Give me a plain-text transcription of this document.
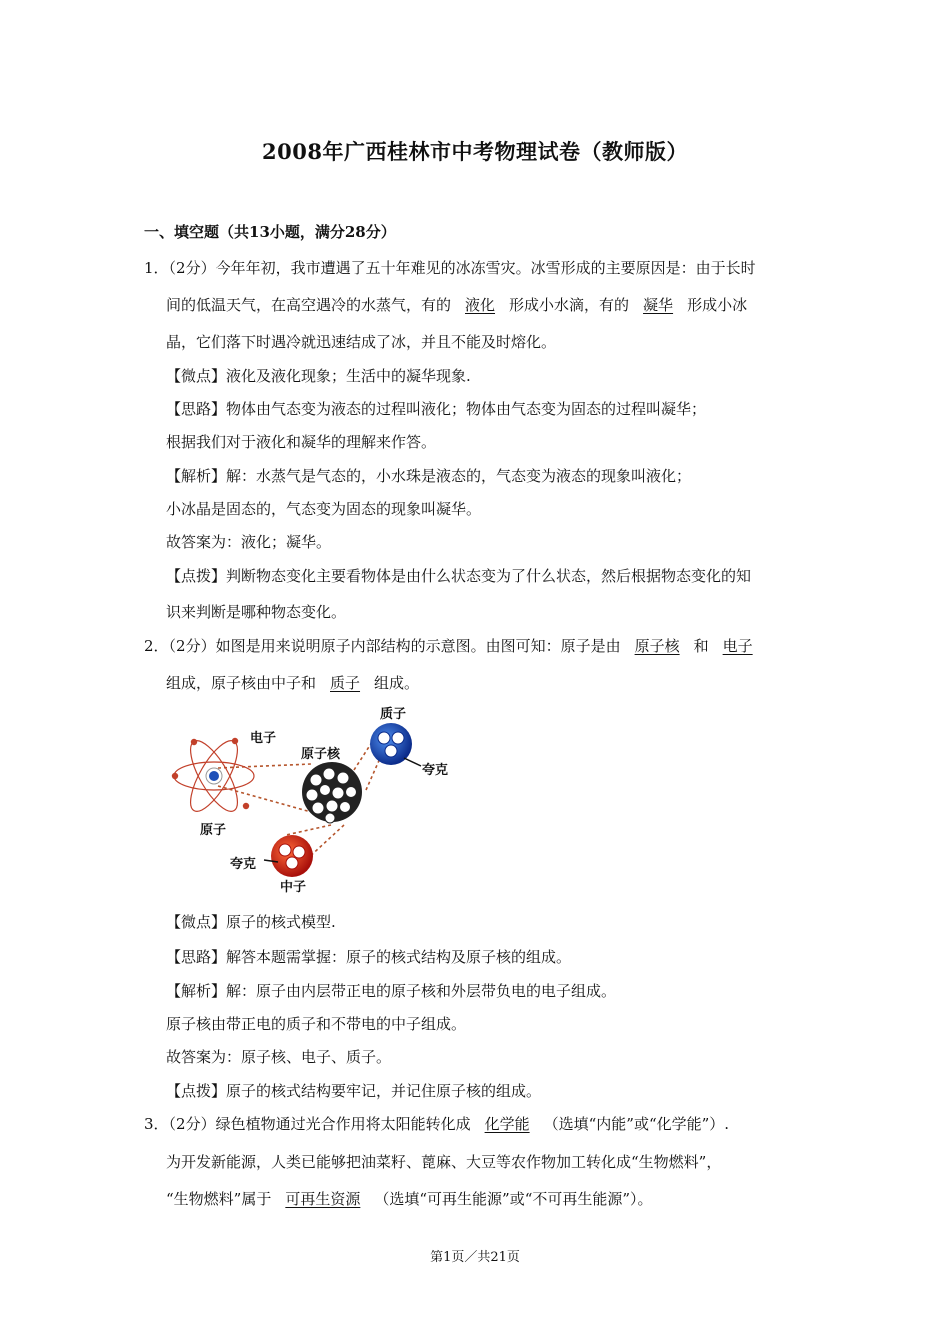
2008年广西桂林市中考物理试卷（教师版）
一、填空题（共13小题，满分28分）
1．（2分）今年年初，我市遭遇了五十年难见的冰冻雪灾。冰雪形成的主要原因是：由于长时
间的低温天气，在高空遇冷的水蒸气，有的 液化 形成小水滴，有的 凝华 形成小冰
晶，它们落下时遇冷就迅速结成了冰，并且不能及时熔化。
【微点】液化及液化现象；生活中的凝华现象.
【思路】物体由气态变为液态的过程叫液化；物体由气态变为固态的过程叫凝华；
根据我们对于液化和凝华的理解来作答。
【解析】解：水蒸气是气态的，小水珠是液态的，气态变为液态的现象叫液化；
小冰晶是固态的，气态变为固态的现象叫凝华。
故答案为：液化；凝华。
【点拨】判断物态变化主要看物体是由什么状态变为了什么状态，然后根据物态变化的知
识来判断是哪种物态变化。
2．（2分）如图是用来说明原子内部结构的示意图。由图可知：原子是由 原子核 和 电子
组成，原子核由中子和 质子 组成。
电子
原子核
质子
夸克
原子
夸克
中子
【微点】原子的核式模型.
【思路】解答本题需掌握：原子的核式结构及原子核的组成。
【解析】解：原子由内层带正电的原子核和外层带负电的电子组成。
原子核由带正电的质子和不带电的中子组成。
故答案为：原子核、电子、质子。
【点拨】原子的核式结构要牢记，并记住原子核的组成。
3．（2分）绿色植物通过光合作用将太阳能转化成 化学能 （选填“内能”或“化学能”）.
为开发新能源，人类已能够把油菜籽、蓖麻、大豆等农作物加工转化成“生物燃料”，
“生物燃料”属于 可再生资源 （选填“可再生能源”或“不可再生能源”）。
第1页／共21页
